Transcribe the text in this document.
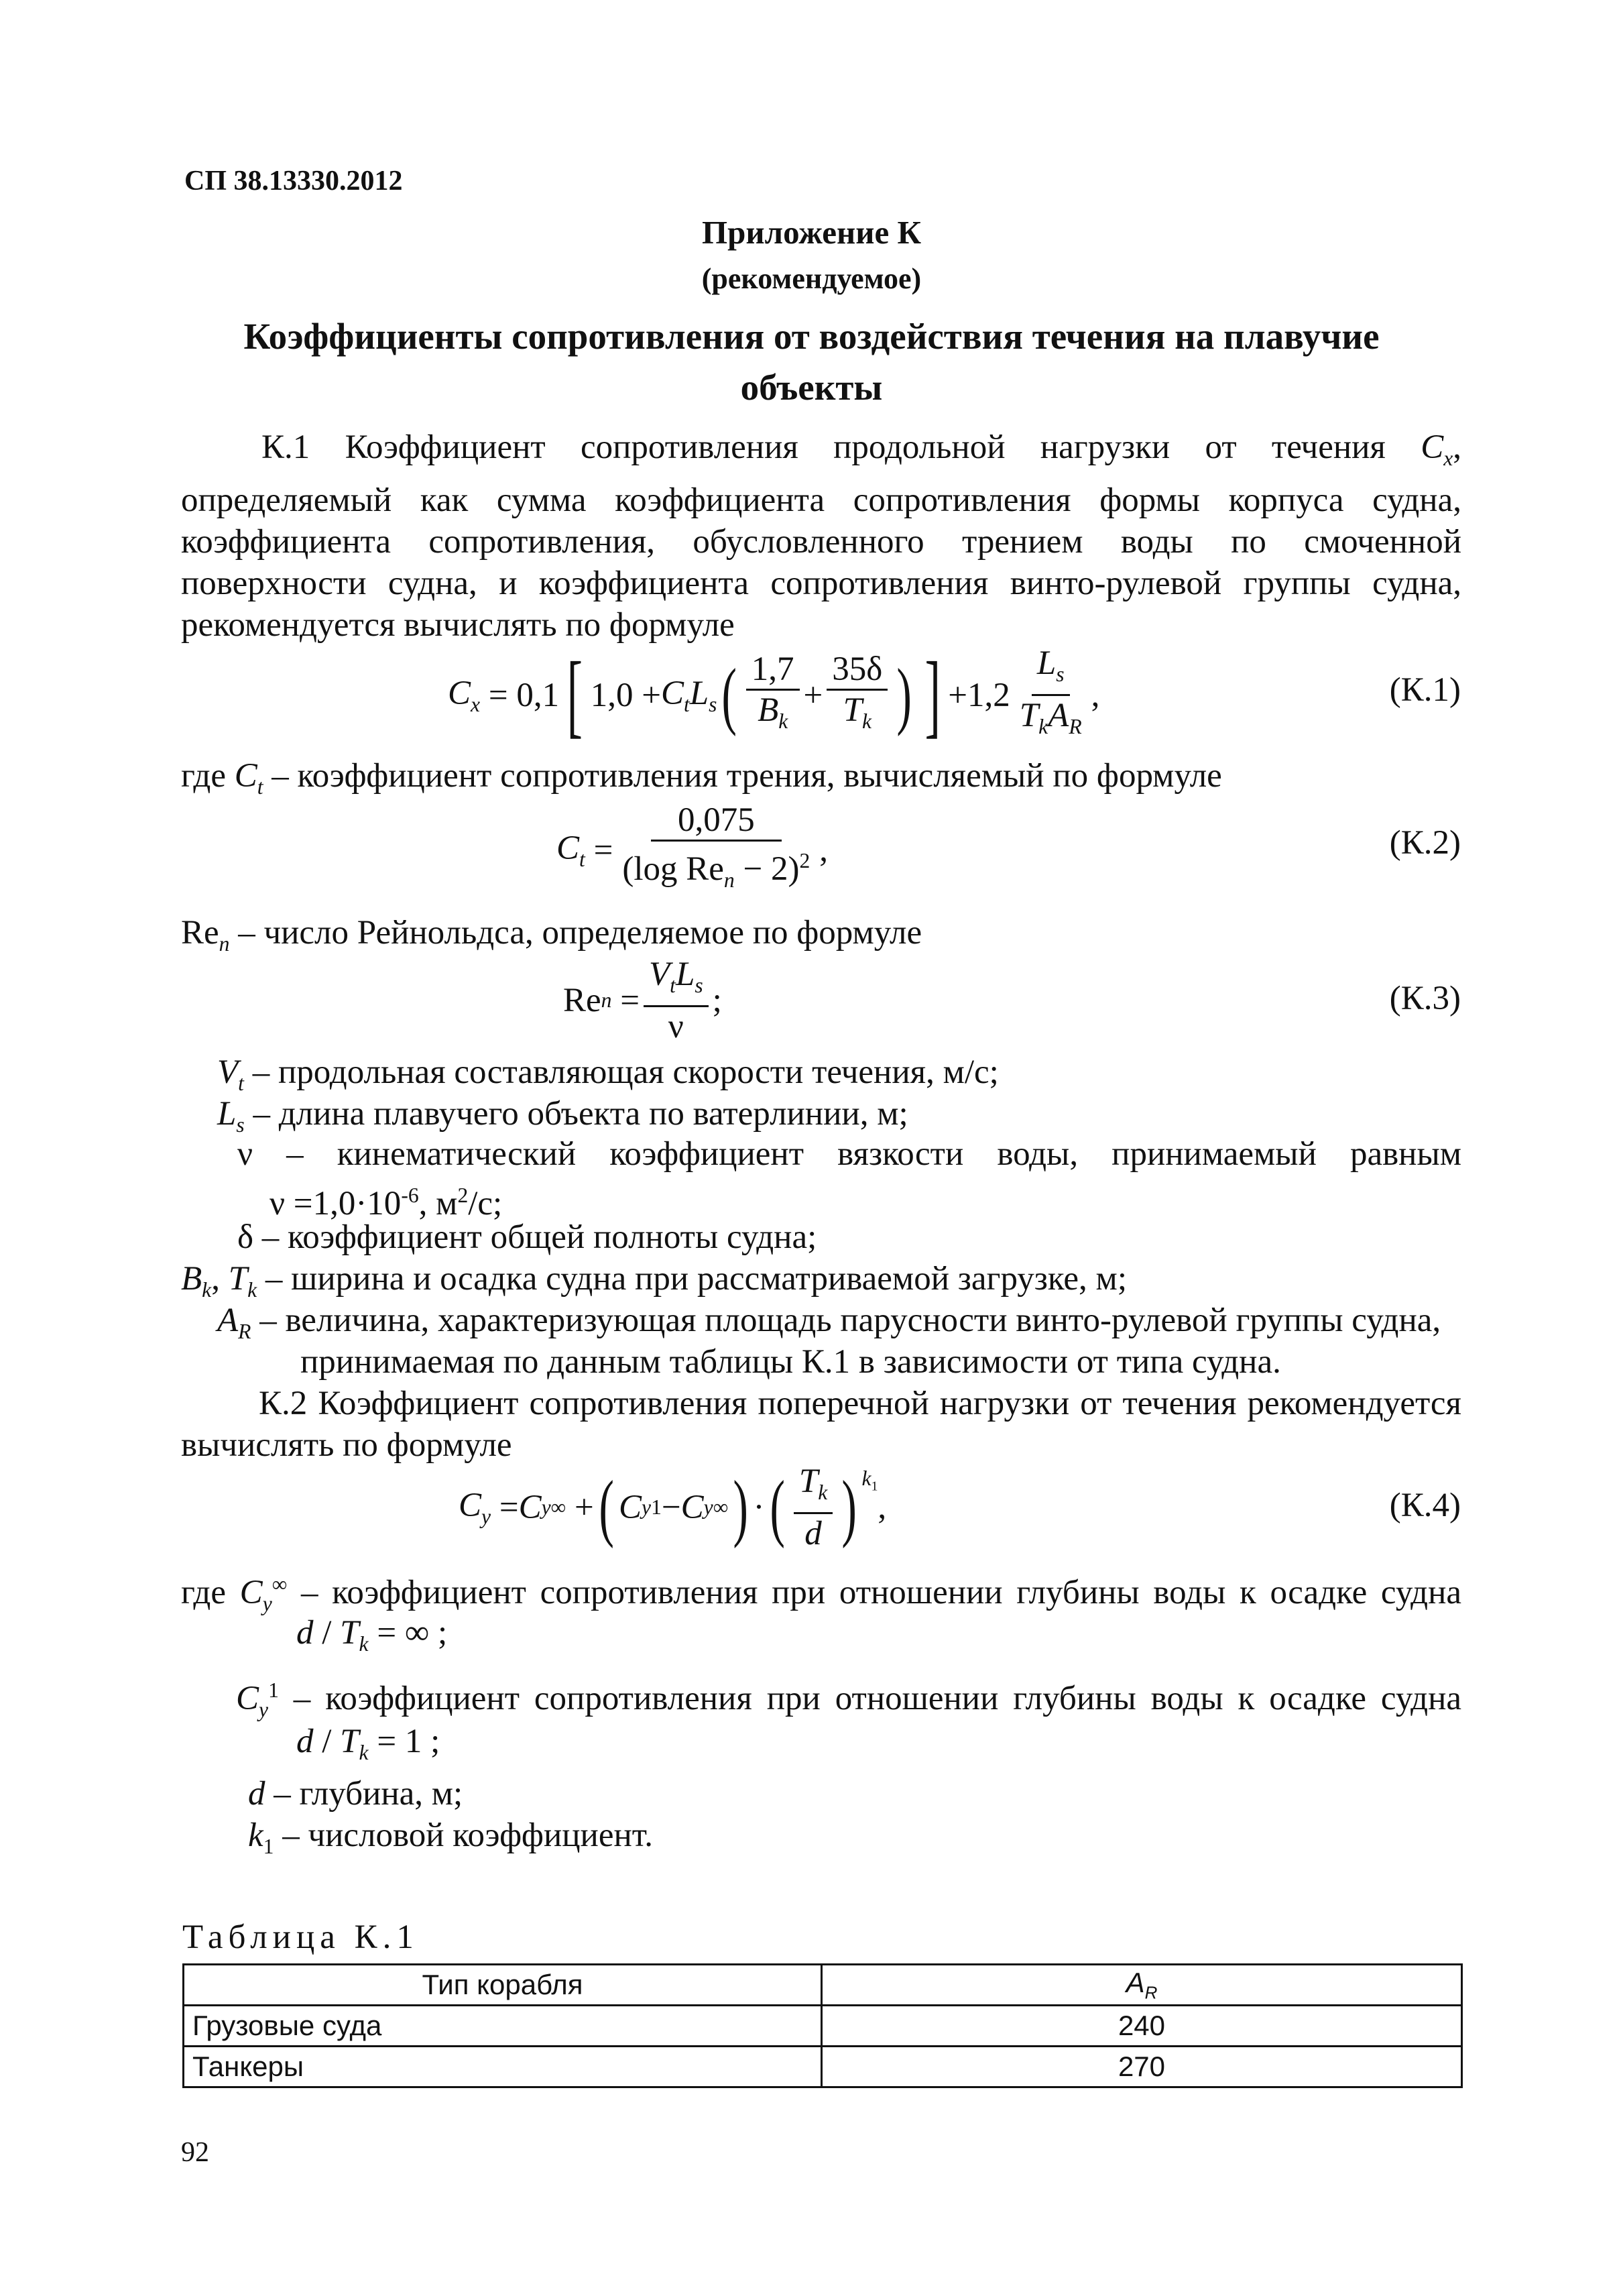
СП 38.13330.2012
Приложение К
(рекомендуемое)
Коэффициенты сопротивления от воздействия течения на плавучие
объекты
К.1 Коэффициент сопротивления продольной нагрузки от течения $C_x$, определяемый как сумма коэффициента сопротивления формы корпуса судна, коэффициента сопротивления, обусловленного трением воды по смоченной поверхности судна, и коэффициента сопротивления винто-рулевой группы судна, рекомендуется вычислять по формуле
$C_x = 0,1$ [ $1,0 + C_tL_s$ ( $\frac{1,7}{B_k} + \frac{35\delta}{T_k}$ ) ] $+1,2 \frac{L_s}{T_kA_R}$ ,	(К.1)
где $C_t$ – коэффициент сопротивления трения, вычисляемый по формуле
$C_t = \frac{0,075}{(\log Re_n - 2)^2}$ ,	(К.2)
$Re_n$ – число Рейнольдса, определяемое по формуле
Re $n = \frac{V_tL_s}{\nu}$ ;	(К.3)
$V_t$ – продольная составляющая скорости течения, м/с;
$L_s$ – длина плавучего объекта по ватерлинии, м;
ν – кинематический коэффициент вязкости воды, принимаемый равным
$\nu =1,0\cdot 10^{-6}$, $м^2/с$;
δ – коэффициент общей полноты судна;
$B_k$, $T_k$ – ширина и осадка судна при рассматриваемой загрузке, м;
$A_R$ – величина, характеризующая площадь парусности винто-рулевой группы судна,
принимаемая по данным таблицы К.1 в зависимости от типа судна.
К.2 Коэффициент сопротивления поперечной нагрузки от течения рекомендуется вычислять по формуле
$C_y = C$ y ∞ + ( C y 1 − C y ∞ ) · ( $\frac{T_k}{d}$ ) $^{k_1}$
,	(К.4)
где $C_y^\infty$ – коэффициент сопротивления при отношении глубины воды к осадке судна
d / $T_k$ = ∞ ;
$C_y^1$ – коэффициент сопротивления при отношении глубины воды к осадке судна
$d / T_k = 1$ ;
d – глубина, м;
$k_1$ – числовой коэффициент.
Таблица К.1
Тип корабля	$A_R$
Грузовые суда	240
Танкеры	270
92
